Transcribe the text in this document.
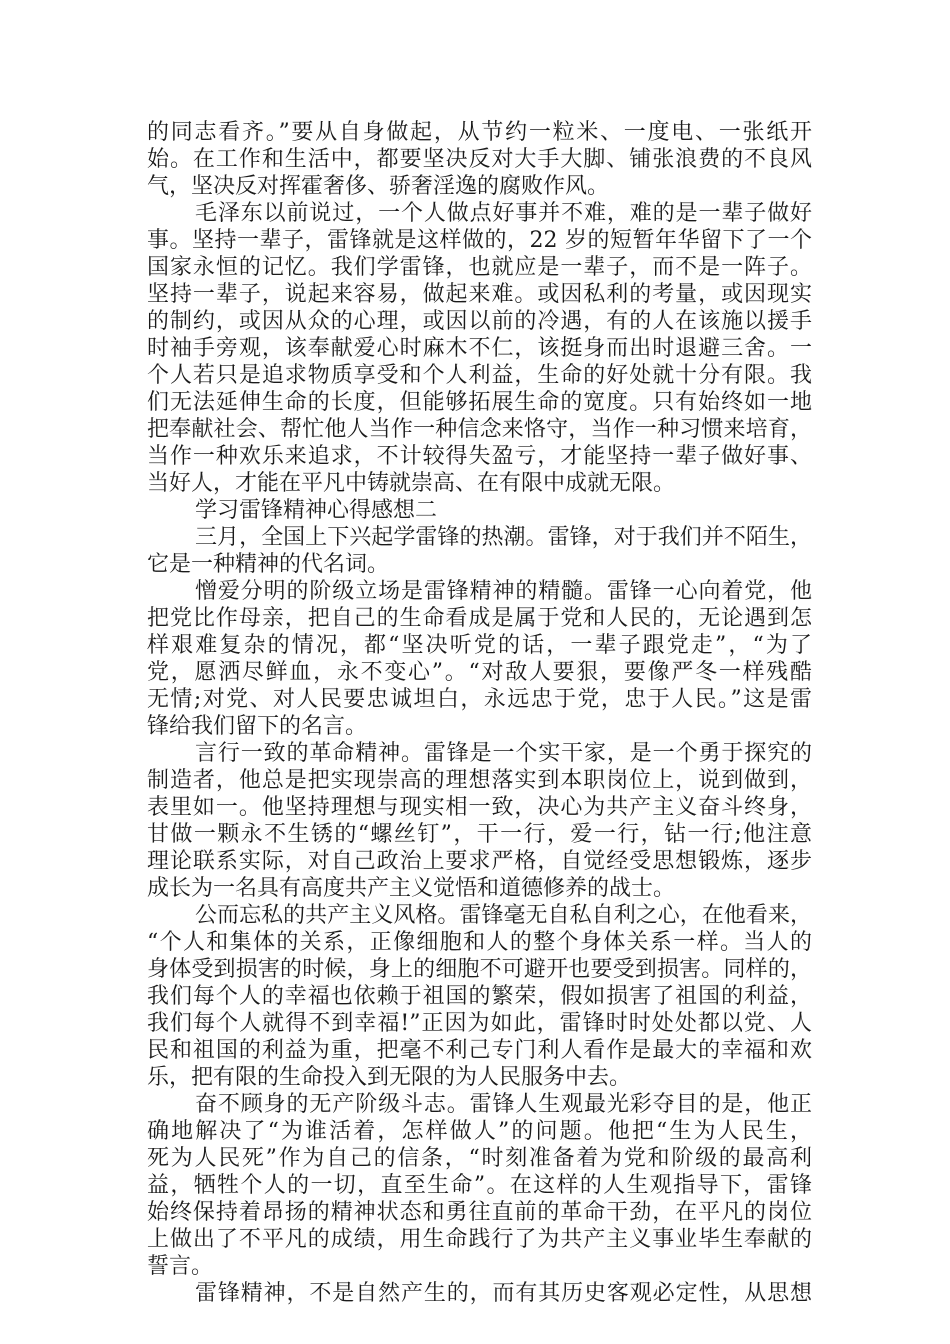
的同志看齐。”要从自身做起，从节约一粒米、一度电、一张纸开
始。在工作和生活中，都要坚决反对大手大脚、铺张浪费的不良风
气，坚决反对挥霍奢侈、骄奢淫逸的腐败作风。
毛泽东以前说过，一个人做点好事并不难，难的是一辈子做好
事。坚持一辈子，雷锋就是这样做的，22 岁的短暂年华留下了一个
国家永恒的记忆。我们学雷锋，也就应是一辈子，而不是一阵子。
坚持一辈子，说起来容易，做起来难。或因私利的考量，或因现实
的制约，或因从众的心理，或因以前的冷遇，有的人在该施以援手
时袖手旁观，该奉献爱心时麻木不仁，该挺身而出时退避三舍。一
个人若只是追求物质享受和个人利益，生命的好处就十分有限。我
们无法延伸生命的长度，但能够拓展生命的宽度。只有始终如一地
把奉献社会、帮忙他人当作一种信念来恪守，当作一种习惯来培育，
当作一种欢乐来追求，不计较得失盈亏，才能坚持一辈子做好事、
当好人，才能在平凡中铸就崇高、在有限中成就无限。
学习雷锋精神心得感想二
三月，全国上下兴起学雷锋的热潮。雷锋，对于我们并不陌生，
它是一种精神的代名词。
憎爱分明的阶级立场是雷锋精神的精髓。雷锋一心向着党，他
把党比作母亲，把自己的生命看成是属于党和人民的，无论遇到怎
样艰难复杂的情况，都“坚决听党的话，一辈子跟党走”，“为了
党，愿洒尽鲜血，永不变心”。“对敌人要狠，要像严冬一样残酷
无情;对党、对人民要忠诚坦白，永远忠于党，忠于人民。”这是雷
锋给我们留下的名言。
言行一致的革命精神。雷锋是一个实干家，是一个勇于探究的
制造者，他总是把实现崇高的理想落实到本职岗位上，说到做到，
表里如一。他坚持理想与现实相一致，决心为共产主义奋斗终身，
甘做一颗永不生锈的“螺丝钉”，干一行，爱一行，钻一行;他注意
理论联系实际，对自己政治上要求严格，自觉经受思想锻炼，逐步
成长为一名具有高度共产主义觉悟和道德修养的战士。
公而忘私的共产主义风格。雷锋毫无自私自利之心，在他看来，
“个人和集体的关系，正像细胞和人的整个身体关系一样。当人的
身体受到损害的时候，身上的细胞不可避开也要受到损害。同样的，
我们每个人的幸福也依赖于祖国的繁荣，假如损害了祖国的利益，
我们每个人就得不到幸福!”正因为如此，雷锋时时处处都以党、人
民和祖国的利益为重，把毫不利己专门利人看作是最大的幸福和欢
乐，把有限的生命投入到无限的为人民服务中去。
奋不顾身的无产阶级斗志。雷锋人生观最光彩夺目的是，他正
确地解决了“为谁活着，怎样做人”的问题。他把“生为人民生，
死为人民死”作为自己的信条，“时刻准备着为党和阶级的最高利
益，牺牲个人的一切，直至生命”。在这样的人生观指导下，雷锋
始终保持着昂扬的精神状态和勇往直前的革命干劲，在平凡的岗位
上做出了不平凡的成绩，用生命践行了为共产主义事业毕生奉献的
誓言。
雷锋精神，不是自然产生的，而有其历史客观必定性，从思想
